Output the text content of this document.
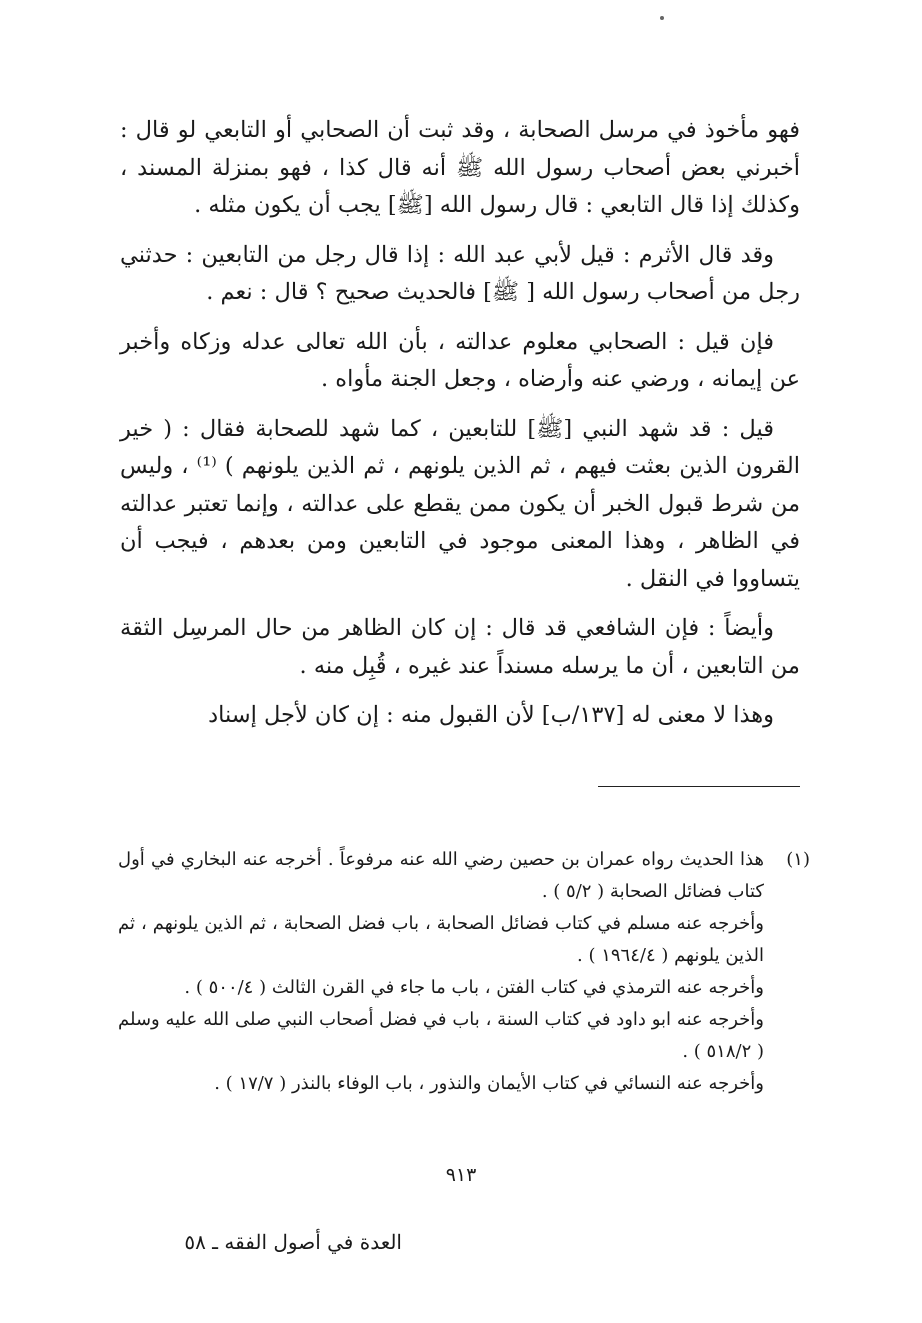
فهو مأخوذ في مرسل الصحابة ، وقد ثبت أن الصحابي أو التابعي لو قال : أخبرني بعض أصحاب رسول الله ﷺ أنه قال كذا ، فهو بمنزلة المسند ، وكذلك إذا قال التابعي : قال رسول الله [ﷺ] يجب أن يكون مثله .

وقد قال الأثرم : قيل لأبي عبد الله : إذا قال رجل من التابعين : حدثني رجل من أصحاب رسول الله [ ﷺ] فالحديث صحيح ؟ قال : نعم .

فإن قيل : الصحابي معلوم عدالته ، بأن الله تعالى عدله وزكاه وأخبر عن إيمانه ، ورضي عنه وأرضاه ، وجعل الجنة مأواه .

قيل : قد شهد النبي [ﷺ] للتابعين ، كما شهد للصحابة فقال : ( خير القرون الذين بعثت فيهم ، ثم الذين يلونهم ، ثم الذين يلونهم ) ⁽¹⁾ ، وليس من شرط قبول الخبر أن يكون ممن يقطع على عدالته ، وإنما تعتبر عدالته في الظاهر ، وهذا المعنى موجود في التابعين ومن بعدهم ، فيجب أن يتساووا في النقل .

وأيضاً : فإن الشافعي قد قال : إن كان الظاهر من حال المرسِل الثقة من التابعين ، أن ما يرسله مسنداً عند غيره ، قُبِل منه .

وهذا لا معنى له [١٣٧/ب] لأن القبول منه : إن كان لأجل إسناد

(١)
هذا الحديث رواه عمران بن حصين رضي الله عنه مرفوعاً . أخرجه عنه البخاري في أول كتاب فضائل الصحابة ( ٥/٢ ) .
وأخرجه عنه مسلم في كتاب فضائل الصحابة ، باب فضل الصحابة ، ثم الذين يلونهم ، ثم الذين يلونهم ( ١٩٦٤/٤ ) .
وأخرجه عنه الترمذي في كتاب الفتن ، باب ما جاء في القرن الثالث ( ٥٠٠/٤ ) .
وأخرجه عنه ابو داود في كتاب السنة ، باب في فضل أصحاب النبي صلى الله عليه وسلم ( ٥١٨/٢ ) .
وأخرجه عنه النسائي في كتاب الأيمان والنذور ، باب الوفاء بالنذر ( ١٧/٧ ) .
٩١٣
العدة في أصول الفقه ـ ٥٨
